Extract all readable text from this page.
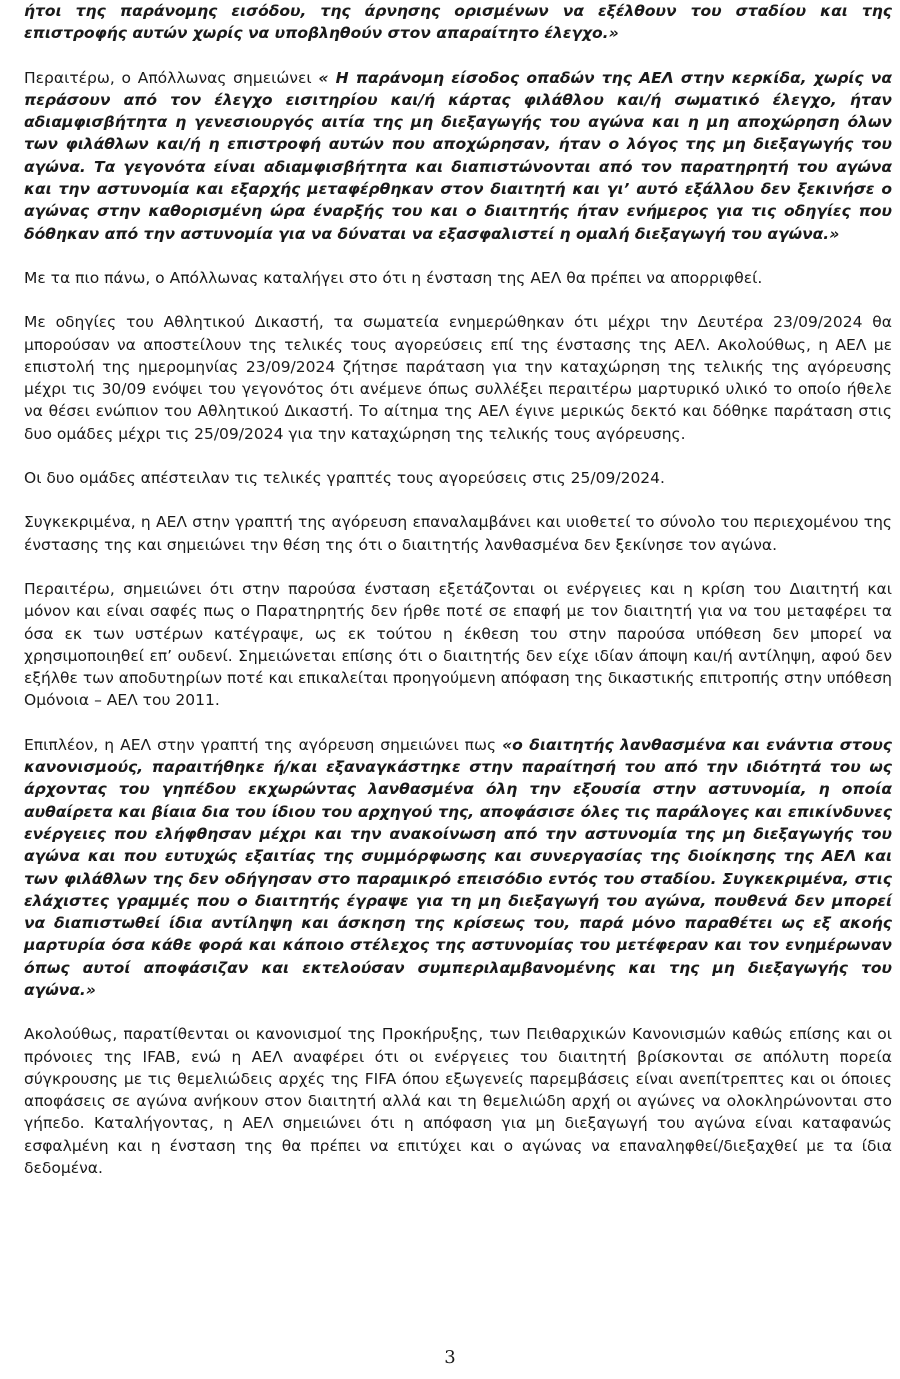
ήτοι της παράνομης εισόδου, της άρνησης ορισμένων να εξέλθουν του σταδίου και της επιστροφής αυτών χωρίς να υποβληθούν στον απαραίτητο έλεγχο.»

Περαιτέρω, ο Απόλλωνας σημειώνει « Η παράνομη είσοδος οπαδών της ΑΕΛ στην κερκίδα, χωρίς να περάσουν από τον έλεγχο εισιτηρίου και/ή κάρτας φιλάθλου και/ή σωματικό έλεγχο, ήταν αδιαμφισβήτητα η γενεσιουργός αιτία της μη διεξαγωγής του αγώνα και η μη αποχώρηση όλων των φιλάθλων και/ή η επιστροφή αυτών που αποχώρησαν, ήταν ο λόγος της μη διεξαγωγής του αγώνα. Τα γεγονότα είναι αδιαμφισβήτητα και διαπιστώνονται από τον παρατηρητή του αγώνα και την αστυνομία και εξαρχής μεταφέρθηκαν στον διαιτητή και γι’ αυτό εξάλλου δεν ξεκινήσε ο αγώνας στην καθορισμένη ώρα έναρξής του και ο διαιτητής ήταν ενήμερος για τις οδηγίες που δόθηκαν από την αστυνομία για να δύναται να εξασφαλιστεί η ομαλή διεξαγωγή του αγώνα.»

Με τα πιο πάνω, ο Απόλλωνας καταλήγει στο ότι η ένσταση της ΑΕΛ θα πρέπει να απορριφθεί.

Με οδηγίες του Αθλητικού Δικαστή, τα σωματεία ενημερώθηκαν ότι μέχρι την Δευτέρα 23/09/2024 θα μπορούσαν να αποστείλουν της τελικές τους αγορεύσεις επί της ένστασης της ΑΕΛ. Ακολούθως, η ΑΕΛ με επιστολή της ημερομηνίας 23/09/2024 ζήτησε παράταση για την καταχώρηση της τελικής της αγόρευσης μέχρι τις 30/09 ενόψει του γεγονότος ότι ανέμενε όπως συλλέξει περαιτέρω μαρτυρικό υλικό το οποίο ήθελε να θέσει ενώπιον του Αθλητικού Δικαστή. Το αίτημα της ΑΕΛ έγινε μερικώς δεκτό και δόθηκε παράταση στις δυο ομάδες μέχρι τις 25/09/2024 για την καταχώρηση της τελικής τους αγόρευσης.

Οι δυο ομάδες απέστειλαν τις τελικές γραπτές τους αγορεύσεις στις 25/09/2024.

Συγκεκριμένα, η ΑΕΛ στην γραπτή της αγόρευση επαναλαμβάνει και υιοθετεί το σύνολο του περιεχομένου της ένστασης της και σημειώνει την θέση της ότι ο διαιτητής λανθασμένα δεν ξεκίνησε τον αγώνα.

Περαιτέρω, σημειώνει ότι στην παρούσα ένσταση εξετάζονται οι ενέργειες και η κρίση του Διαιτητή και μόνον και είναι σαφές πως ο Παρατηρητής δεν ήρθε ποτέ σε επαφή με τον διαιτητή για να του μεταφέρει τα όσα εκ των υστέρων κατέγραψε, ως εκ τούτου η έκθεση του στην παρούσα υπόθεση δεν μπορεί να χρησιμοποιηθεί επ’ ουδενί. Σημειώνεται επίσης ότι ο διαιτητής δεν είχε ιδίαν άποψη και/ή αντίληψη, αφού δεν εξήλθε των αποδυτηρίων ποτέ και επικαλείται προηγούμενη απόφαση της δικαστικής επιτροπής στην υπόθεση Ομόνοια – ΑΕΛ του 2011.

Επιπλέον, η ΑΕΛ στην γραπτή της αγόρευση σημειώνει πως «ο διαιτητής λανθασμένα και ενάντια στους κανονισμούς, παραιτήθηκε ή/και εξαναγκάστηκε στην παραίτησή του από την ιδιότητά του ως άρχοντας του γηπέδου εκχωρώντας λανθασμένα όλη την εξουσία στην αστυνομία, η οποία αυθαίρετα και βίαια δια του ίδιου του αρχηγού της, αποφάσισε όλες τις παράλογες και επικίνδυνες ενέργειες που ελήφθησαν μέχρι και την ανακοίνωση από την αστυνομία της μη διεξαγωγής του αγώνα και που ευτυχώς εξαιτίας της συμμόρφωσης και συνεργασίας της διοίκησης της ΑΕΛ και των φιλάθλων της δεν οδήγησαν στο παραμικρό επεισόδιο εντός του σταδίου. Συγκεκριμένα, στις ελάχιστες γραμμές που ο διαιτητής έγραψε για τη μη διεξαγωγή του αγώνα, πουθενά δεν μπορεί να διαπιστωθεί ίδια αντίληψη και άσκηση της κρίσεως του, παρά μόνο παραθέτει ως εξ ακοής μαρτυρία όσα κάθε φορά και κάποιο στέλεχος της αστυνομίας του μετέφεραν και τον ενημέρωναν όπως αυτοί αποφάσιζαν και εκτελούσαν συμπεριλαμβανομένης και της μη διεξαγωγής του αγώνα.»

Ακολούθως, παρατίθενται οι κανονισμοί της Προκήρυξης, των Πειθαρχικών Κανονισμών καθώς επίσης και οι πρόνοιες της IFAB, ενώ η ΑΕΛ αναφέρει ότι οι ενέργειες του διαιτητή βρίσκονται σε απόλυτη πορεία σύγκρουσης με τις θεμελιώδεις αρχές της FIFA όπου εξωγενείς παρεμβάσεις είναι ανεπίτρεπτες και οι όποιες αποφάσεις σε αγώνα ανήκουν στον διαιτητή αλλά και τη θεμελιώδη αρχή οι αγώνες να ολοκληρώνονται στο γήπεδο. Καταλήγοντας, η ΑΕΛ σημειώνει ότι η απόφαση για μη διεξαγωγή του αγώνα είναι καταφανώς εσφαλμένη και η ένσταση της θα πρέπει να επιτύχει και ο αγώνας να επαναληφθεί/διεξαχθεί με τα ίδια δεδομένα.

3
